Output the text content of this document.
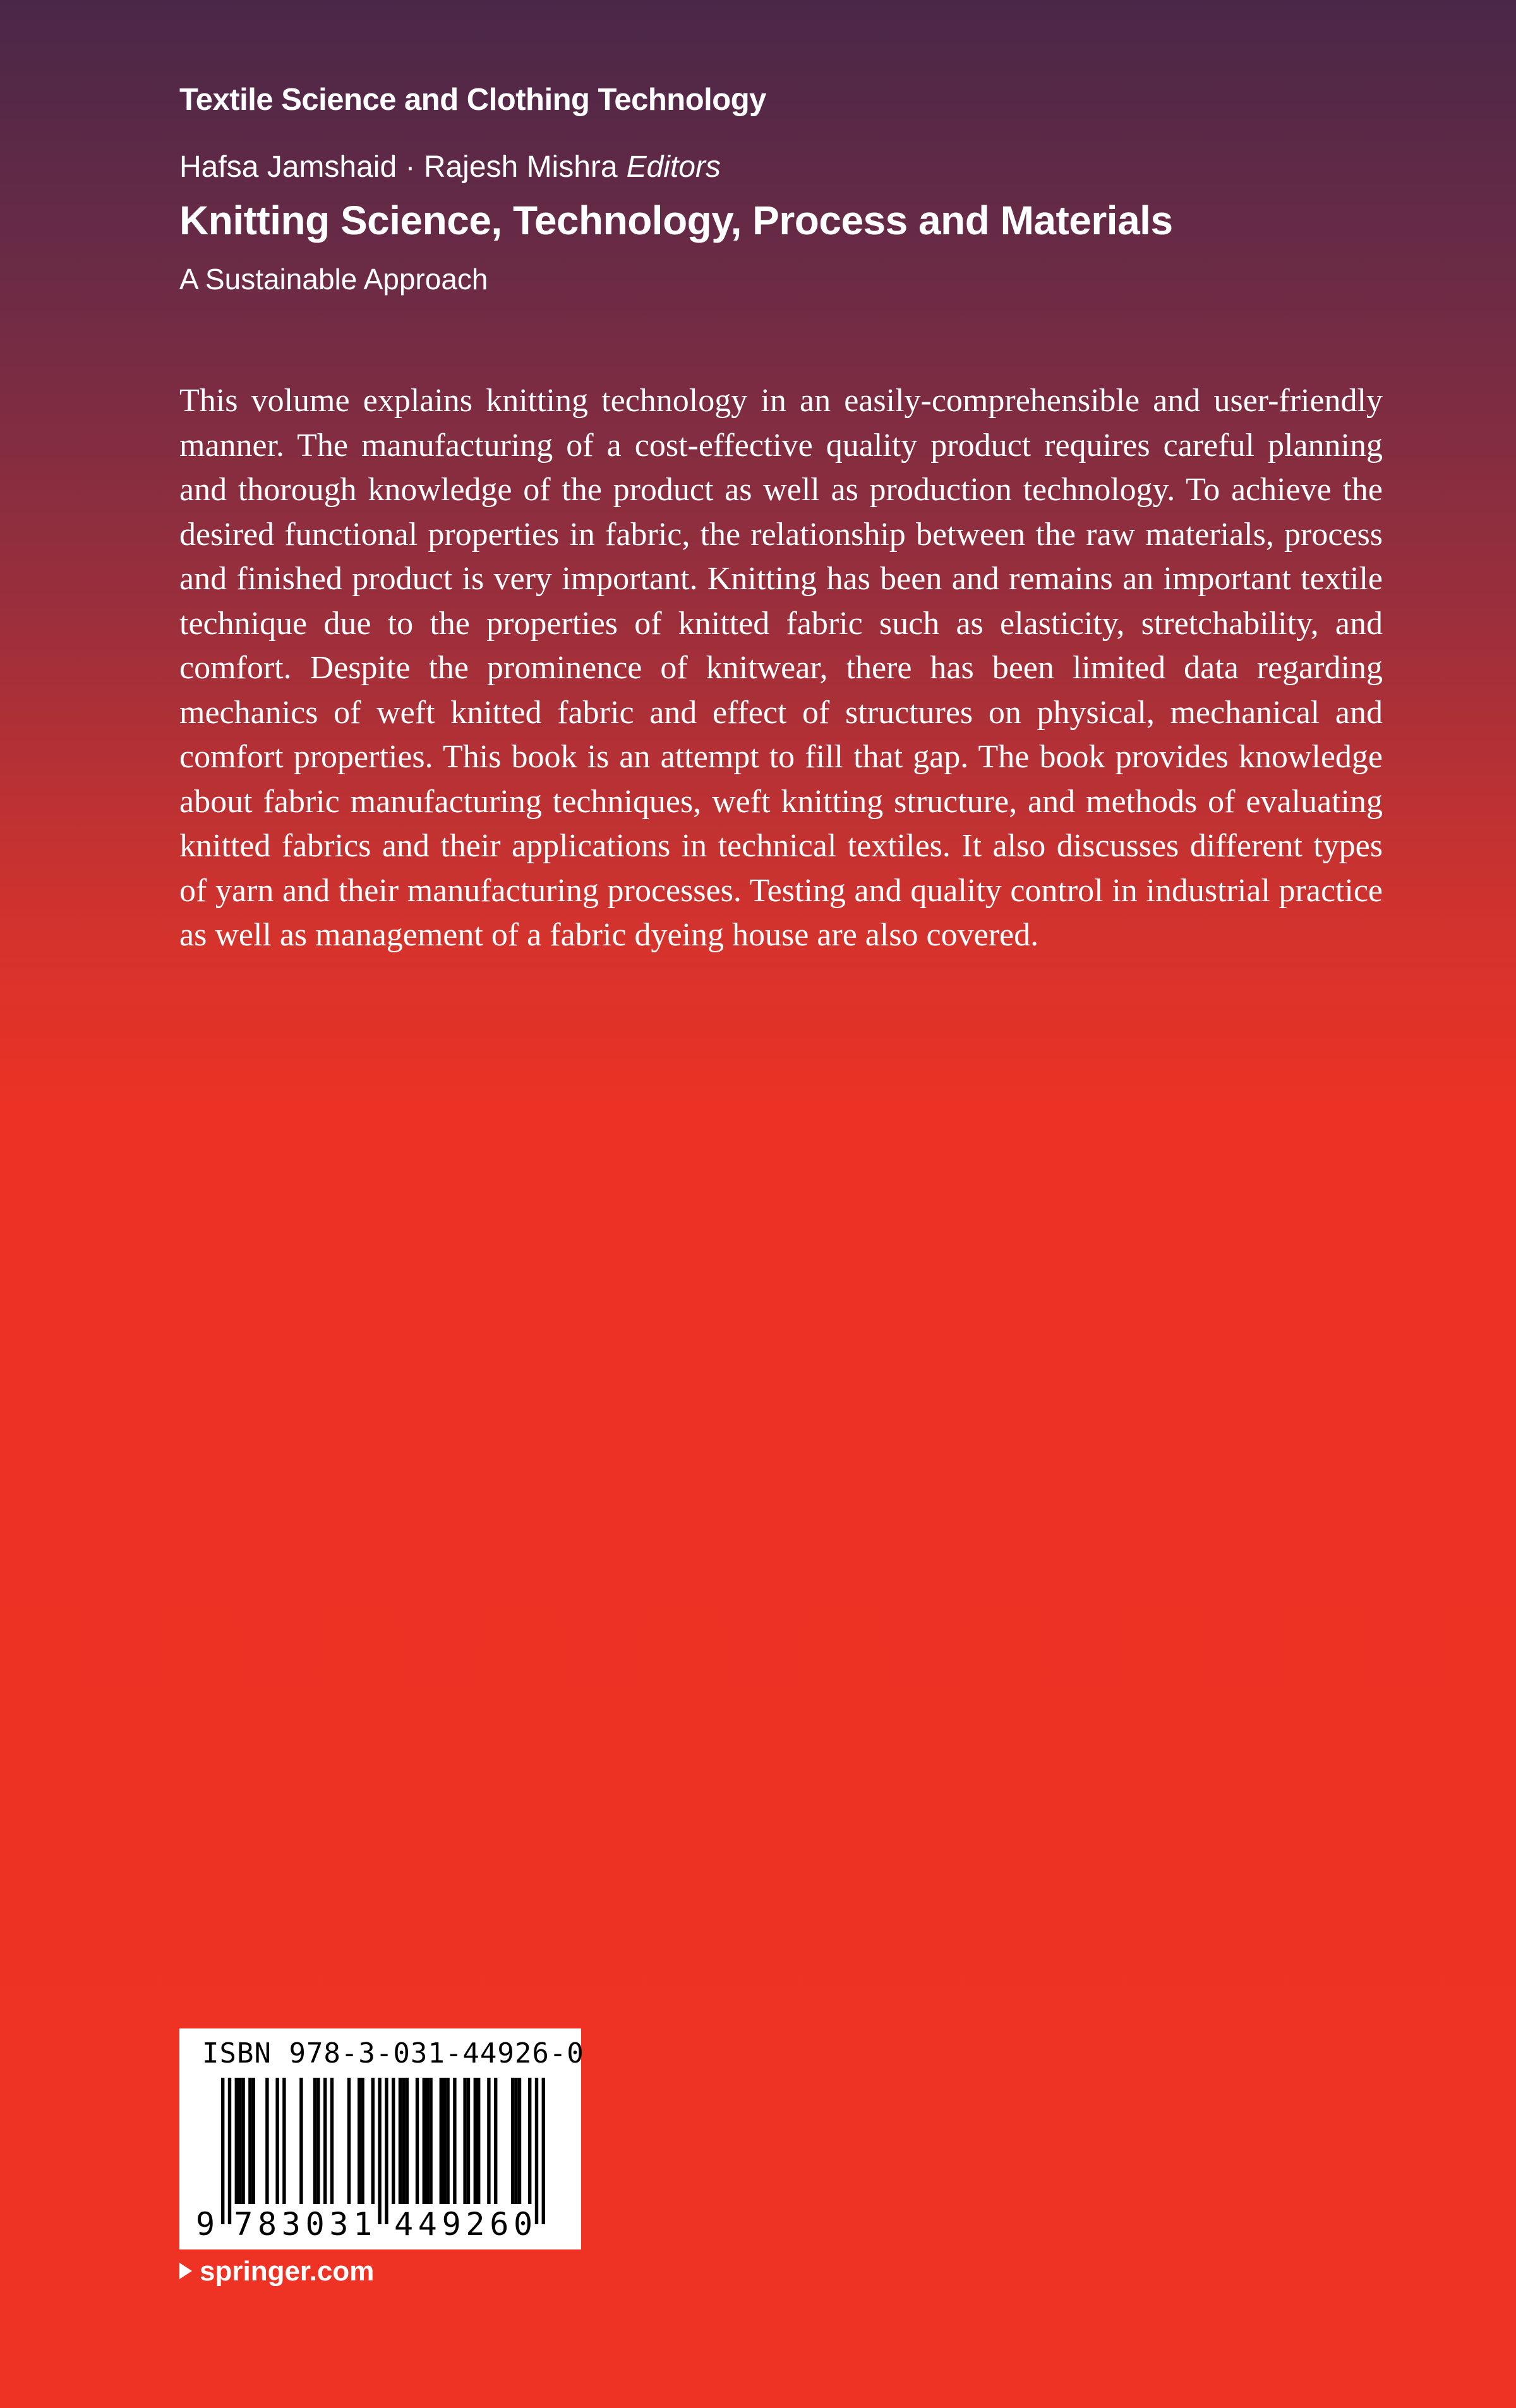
Textile Science and Clothing Technology
Hafsa Jamshaid · Rajesh Mishra Editors
Knitting Science, Technology, Process and Materials
A Sustainable Approach
This volume explains knitting technology in an easily-comprehensible and user-friendly manner. The manufacturing of a cost-effective quality product requires careful planning and thorough knowledge of the product as well as production technology. To achieve the desired functional properties in fabric, the relationship between the raw materials, process and finished product is very important. Knitting has been and remains an important textile technique due to the properties of knitted fabric such as elasticity, stretchability, and comfort. Despite the prominence of knitwear, there has been limited data regarding mechanics of weft knitted fabric and effect of structures on physical, mechanical and comfort properties. This book is an attempt to fill that gap. The book provides knowledge about fabric manufacturing techniques, weft knitting structure, and methods of evaluating knitted fabrics and their applications in technical textiles. It also discusses different types of yarn and their manufacturing processes. Testing and quality control in industrial practice as well as management of a fabric dyeing house are also covered.
ISBN 978-3-031-44926-0
9 7 8 3 0 3 1 4 4 9 2 6 0
springer.com
